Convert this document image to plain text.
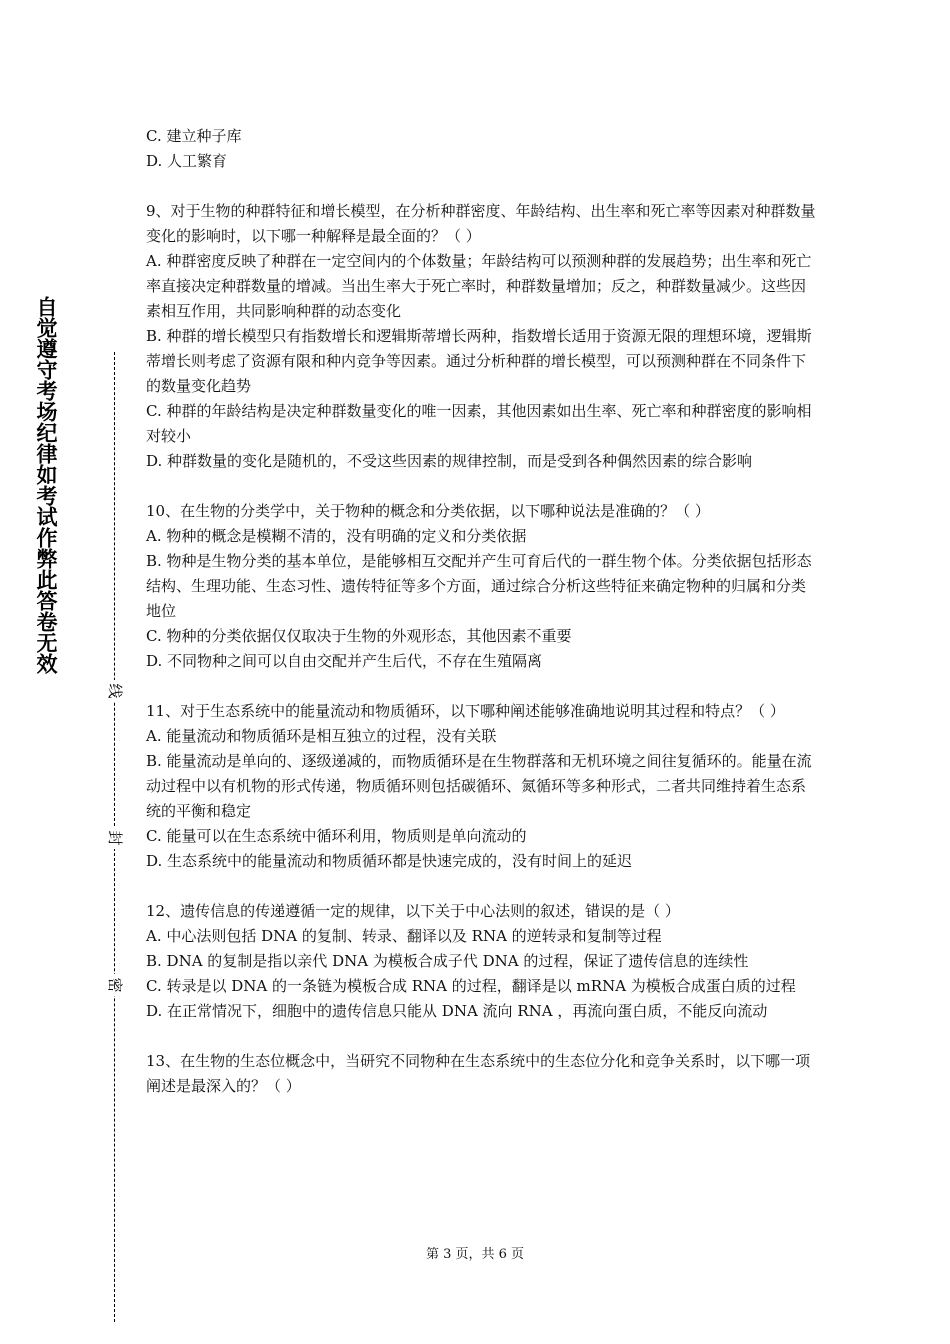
自觉遵守考场纪律如考试作弊此答卷无效
线
封
密

C. 建立种子库

D. 人工繁育

9、对于生物的种群特征和增长模型，在分析种群密度、年龄结构、出生率和死亡率等因素对种群数量变化的影响时，以下哪一种解释是最全面的？（ ）

A. 种群密度反映了种群在一定空间内的个体数量；年龄结构可以预测种群的发展趋势；出生率和死亡率直接决定种群数量的增减。当出生率大于死亡率时，种群数量增加；反之，种群数量减少。这些因素相互作用，共同影响种群的动态变化

B. 种群的增长模型只有指数增长和逻辑斯蒂增长两种，指数增长适用于资源无限的理想环境，逻辑斯蒂增长则考虑了资源有限和种内竞争等因素。通过分析种群的增长模型，可以预测种群在不同条件下的数量变化趋势

C. 种群的年龄结构是决定种群数量变化的唯一因素，其他因素如出生率、死亡率和种群密度的影响相对较小

D. 种群数量的变化是随机的，不受这些因素的规律控制，而是受到各种偶然因素的综合影响

10、在生物的分类学中，关于物种的概念和分类依据，以下哪种说法是准确的？（ ）

A. 物种的概念是模糊不清的，没有明确的定义和分类依据

B. 物种是生物分类的基本单位，是能够相互交配并产生可育后代的一群生物个体。分类依据包括形态结构、生理功能、生态习性、遗传特征等多个方面，通过综合分析这些特征来确定物种的归属和分类地位

C. 物种的分类依据仅仅取决于生物的外观形态，其他因素不重要

D. 不同物种之间可以自由交配并产生后代，不存在生殖隔离

11、对于生态系统中的能量流动和物质循环，以下哪种阐述能够准确地说明其过程和特点？（ ）

A. 能量流动和物质循环是相互独立的过程，没有关联

B. 能量流动是单向的、逐级递减的，而物质循环是在生物群落和无机环境之间往复循环的。能量在流动过程中以有机物的形式传递，物质循环则包括碳循环、氮循环等多种形式，二者共同维持着生态系统的平衡和稳定

C. 能量可以在生态系统中循环利用，物质则是单向流动的

D. 生态系统中的能量流动和物质循环都是快速完成的，没有时间上的延迟

12、遗传信息的传递遵循一定的规律，以下关于中心法则的叙述，错误的是（ ）

A. 中心法则包括 DNA 的复制、转录、翻译以及 RNA 的逆转录和复制等过程

B. DNA 的复制是指以亲代 DNA 为模板合成子代 DNA 的过程，保证了遗传信息的连续性

C. 转录是以 DNA 的一条链为模板合成 RNA 的过程，翻译是以 mRNA 为模板合成蛋白质的过程

D. 在正常情况下，细胞中的遗传信息只能从 DNA 流向 RNA ，再流向蛋白质，不能反向流动

13、在生物的生态位概念中，当研究不同物种在生态系统中的生态位分化和竞争关系时，以下哪一项阐述是最深入的？（ ）

第 3 页，共 6 页
